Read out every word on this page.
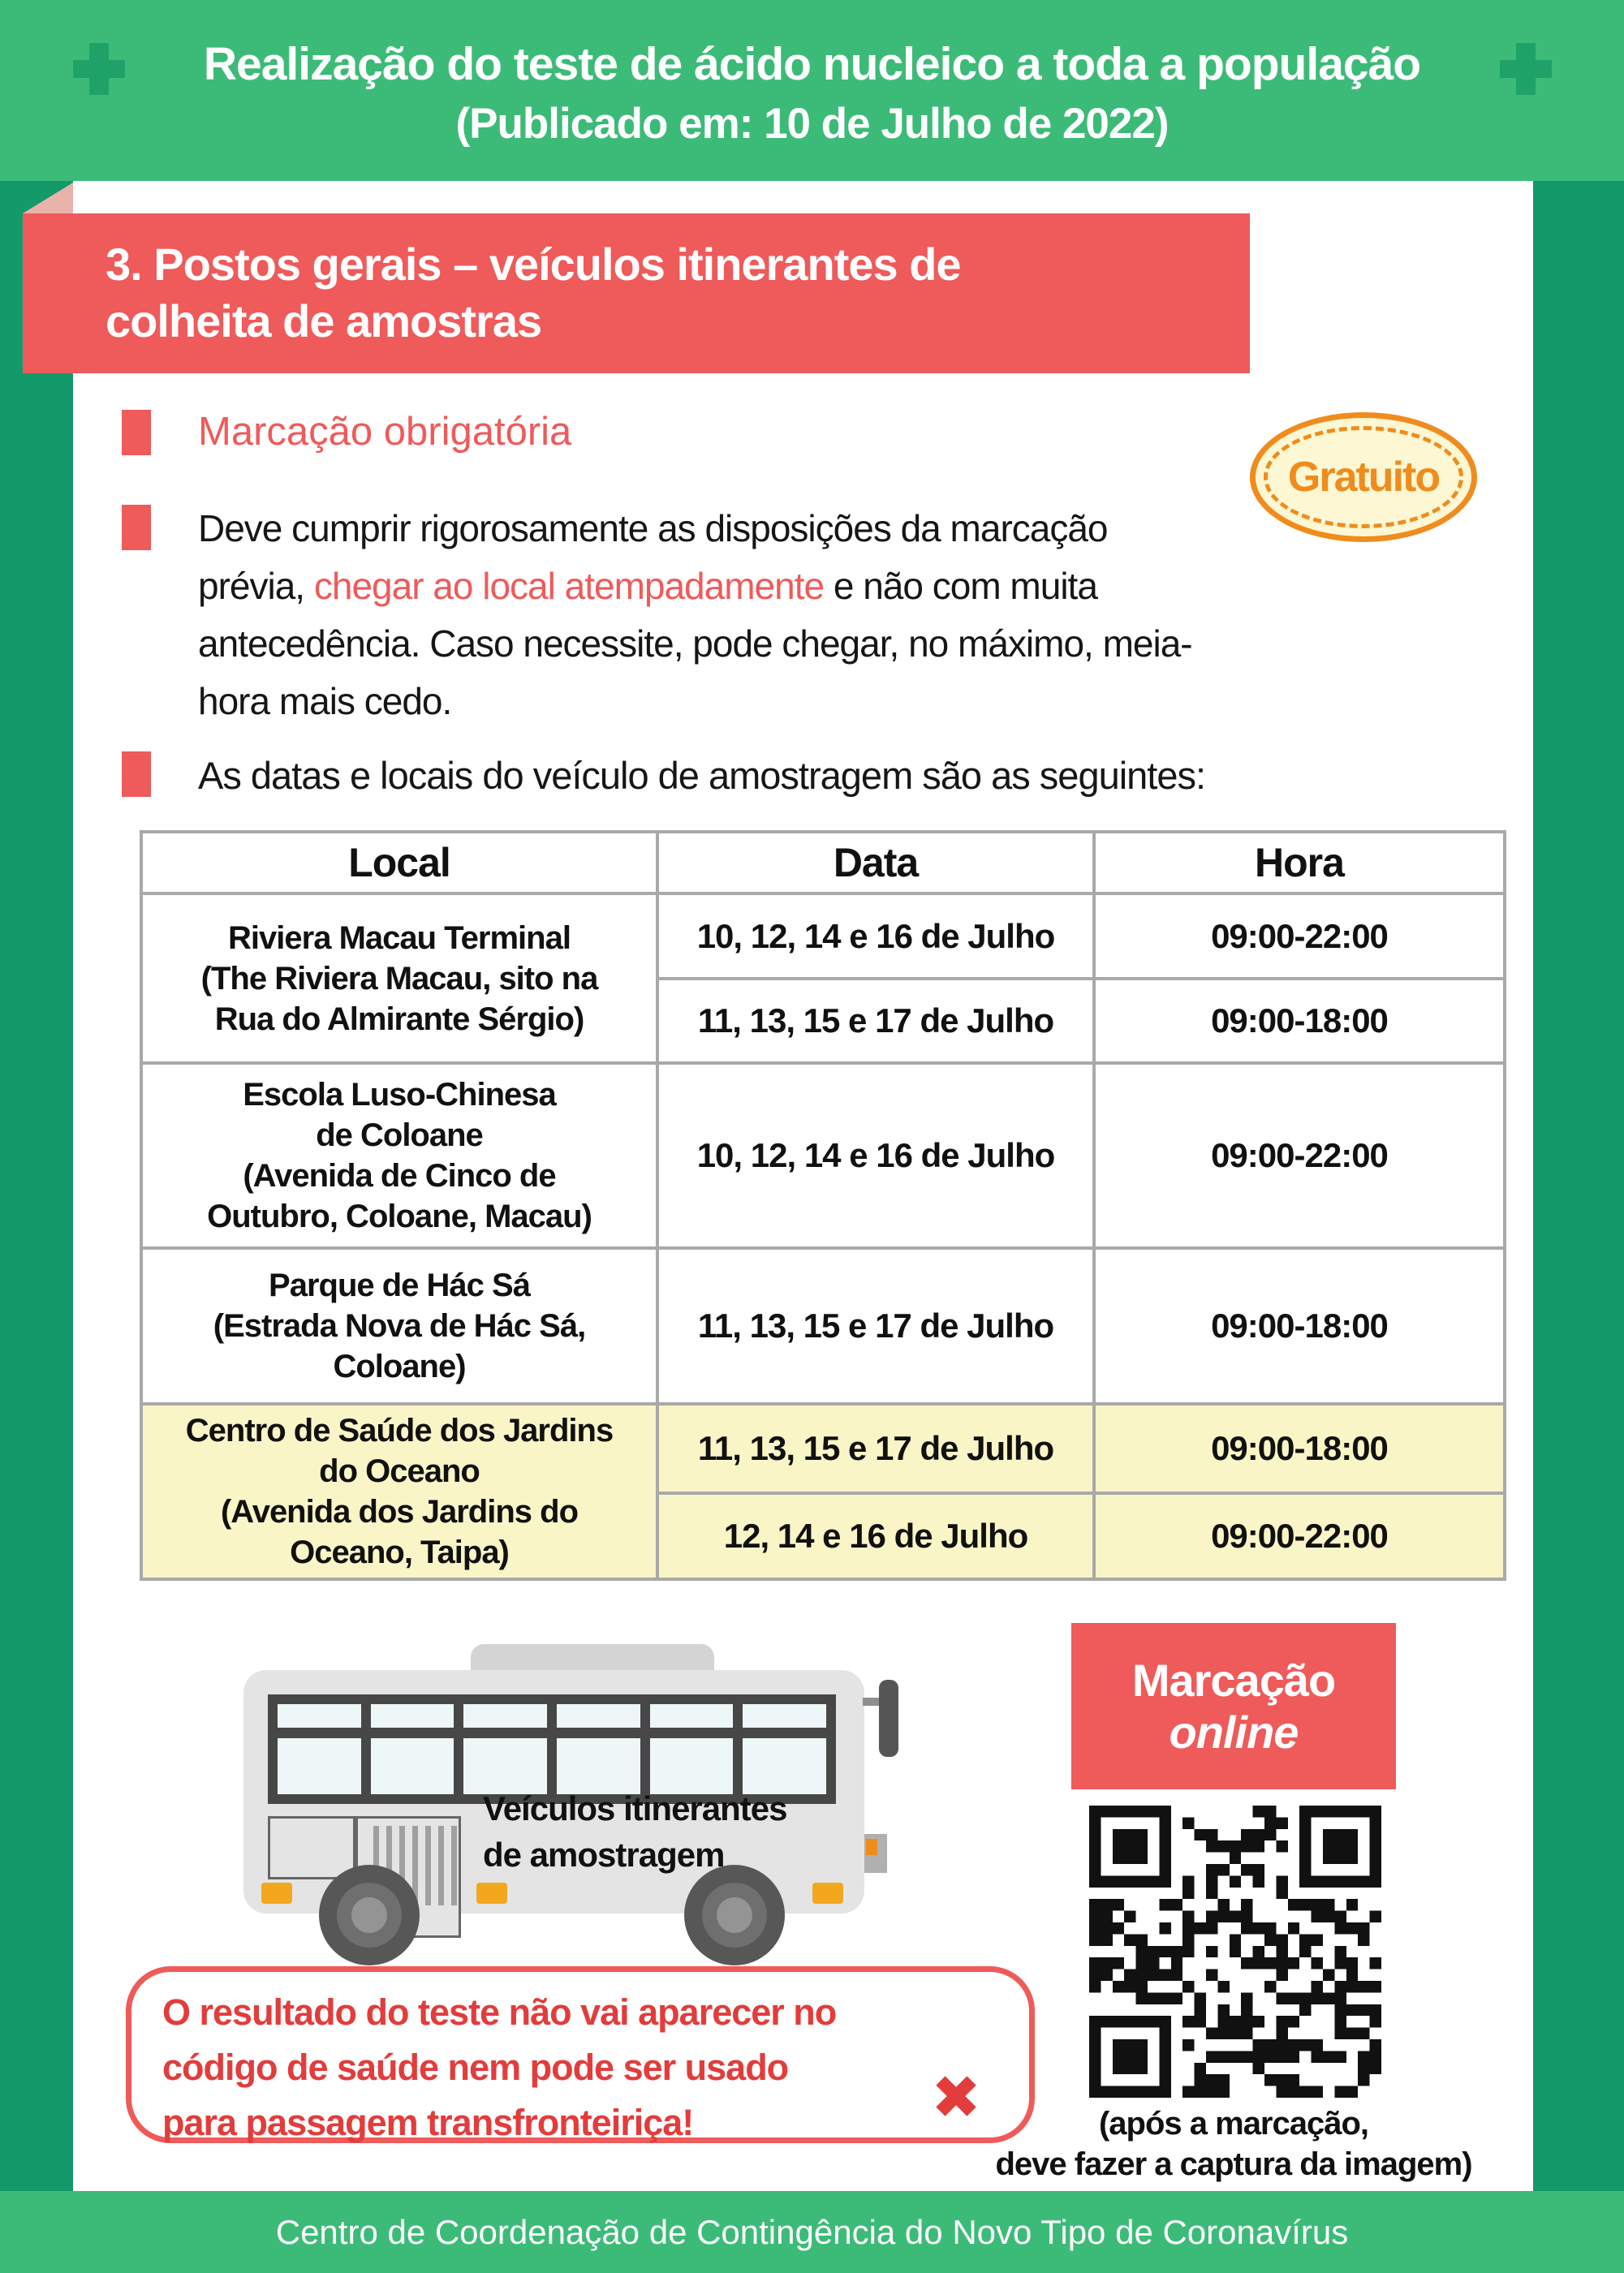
Realização do teste de ácido nucleico a toda a população
(Publicado em: 10 de Julho de 2022)
3. Postos gerais – veículos itinerantes de
colheita de amostras
Marcação obrigatória
Gratuito
Deve cumprir rigorosamente as disposições da marcação prévia, chegar ao local atempadamente e não com muita antecedência. Caso necessite, pode chegar, no máximo, meia-hora mais cedo.
As datas e locais do veículo de amostragem são as seguintes:
Local	Data	Hora

Riviera Macau Terminal
(The Riviera Macau, sito na
Rua do Almirante Sérgio)	10, 12, 14 e 16 de Julho	09:00-22:00
	11, 13, 15 e 17 de Julho	09:00-18:00

Escola Luso-Chinesa
de Coloane
(Avenida de Cinco de
Outubro, Coloane, Macau)	10, 12, 14 e 16 de Julho	09:00-22:00

Parque de Hác Sá
(Estrada Nova de Hác Sá,
Coloane)	11, 13, 15 e 17 de Julho	09:00-18:00

Centro de Saúde dos Jardins
do Oceano
(Avenida dos Jardins do
Oceano, Taipa)	11, 13, 15 e 17 de Julho	09:00-18:00
	12, 14 e 16 de Julho	09:00-22:00
Veículos itinerantes
de amostragem
Marcação
online
(após a marcação,
deve fazer a captura da imagem)
O resultado do teste não vai aparecer no
código de saúde nem pode ser usado
para passagem transfronteiriça!	✖
Centro de Coordenação de Contingência do Novo Tipo de Coronavírus
